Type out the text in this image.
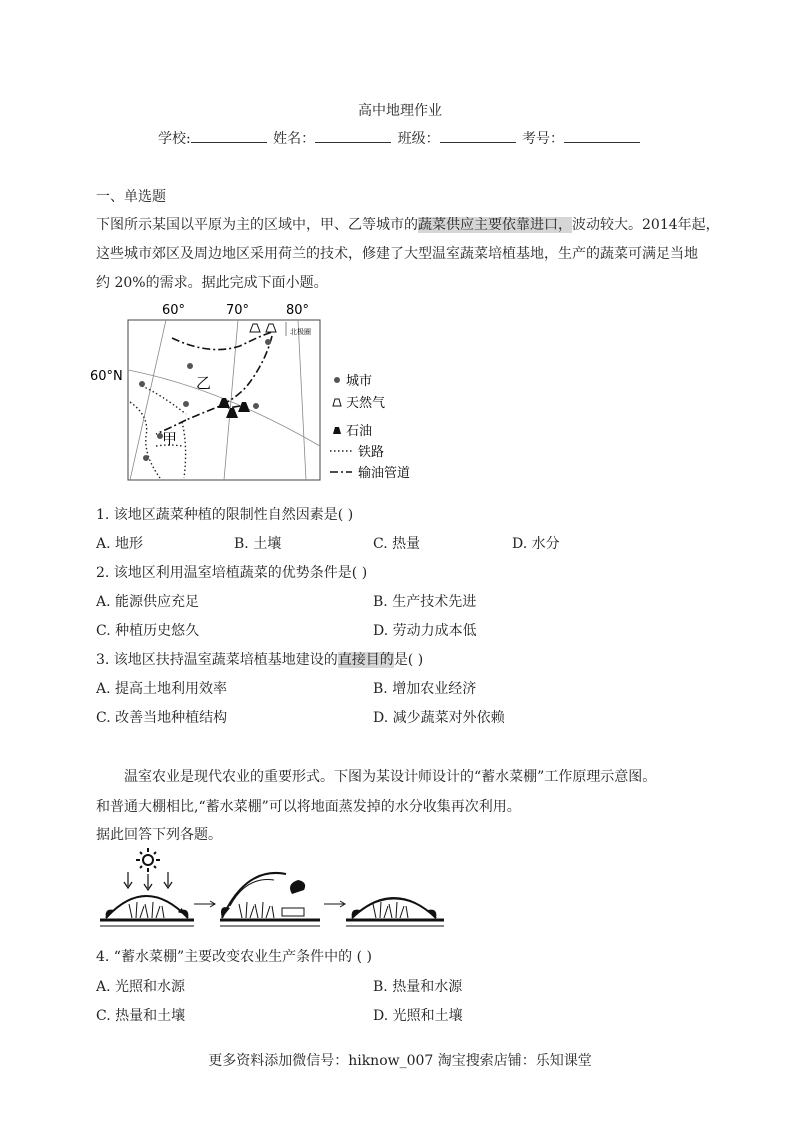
高中地理作业
学校:	姓名：	班级：	考号：
一、单选题
下图所示某国以平原为主的区域中，甲、乙等城市的蔬菜供应主要依靠进口，波动较大。2014年起，
这些城市郊区及周边地区采用荷兰的技术，修建了大型温室蔬菜培植基地，生产的蔬菜可满足当地
约 20%的需求。据此完成下面小题。
60°	70°	80°
60°N
北极圈
乙
甲
城市
天然气
石油
铁路
输油管道
1. 该地区蔬菜种植的限制性自然因素是( )
A. 地形	B. 土壤	C. 热量	D. 水分
2. 该地区利用温室培植蔬菜的优势条件是( )
A. 能源供应充足	B. 生产技术先进
C. 种植历史悠久	D. 劳动力成本低
3. 该地区扶持温室蔬菜培植基地建设的直接目的是( )
A. 提高土地利用效率	B. 增加农业经济
C. 改善当地种植结构	D. 减少蔬菜对外依赖
温室农业是现代农业的重要形式。下图为某设计师设计的“蓄水菜棚”工作原理示意图。
和普通大棚相比,“蓄水菜棚”可以将地面蒸发掉的水分收集再次利用。
据此回答下列各题。
4. “蓄水菜棚”主要改变农业生产条件中的 ( )
A. 光照和水源	B. 热量和水源
C. 热量和土壤	D. 光照和土壤
更多资料添加微信号：hiknow_007 淘宝搜索店铺：乐知课堂
